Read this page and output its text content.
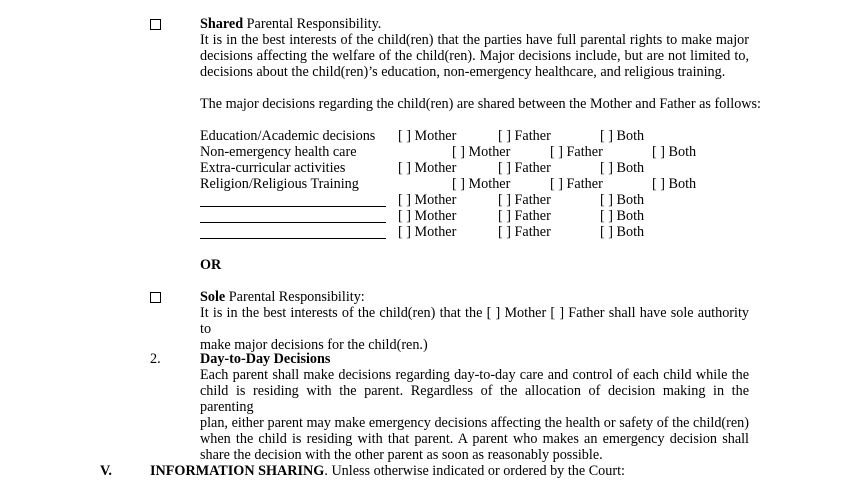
Shared Parental Responsibility.
It is in the best interests of the child(ren) that the parties have full parental rights to make major
decisions affecting the welfare of the child(ren). Major decisions include, but are not limited to,
decisions about the child(ren)’s education, non-emergency healthcare, and religious training.
The major decisions regarding the child(ren) are shared between the Mother and Father as follows:
Education/Academic decisions [ ] Mother	[ ] Father	[ ] Both
Non-emergency health care	[ ] Mother	[ ] Father	[ ] Both
Extra-curricular activities	[ ] Mother	[ ] Father	[ ] Both
Religion/Religious Training	[ ] Mother	[ ] Father	[ ] Both
[ ] Mother	[ ] Father	[ ] Both
[ ] Mother	[ ] Father	[ ] Both
[ ] Mother	[ ] Father	[ ] Both
OR
Sole Parental Responsibility:
It is in the best interests of the child(ren) that the [ ] Mother [ ] Father shall have sole authority to
make major decisions for the child(ren.)
2.	Day-to-Day Decisions
Each parent shall make decisions regarding day-to-day care and control of each child while the
child is residing with the parent. Regardless of the allocation of decision making in the parenting
plan, either parent may make emergency decisions affecting the health or safety of the child(ren)
when the child is residing with that parent. A parent who makes an emergency decision shall
share the decision with the other parent as soon as reasonably possible.
V.	INFORMATION SHARING. Unless otherwise indicated or ordered by the Court:
